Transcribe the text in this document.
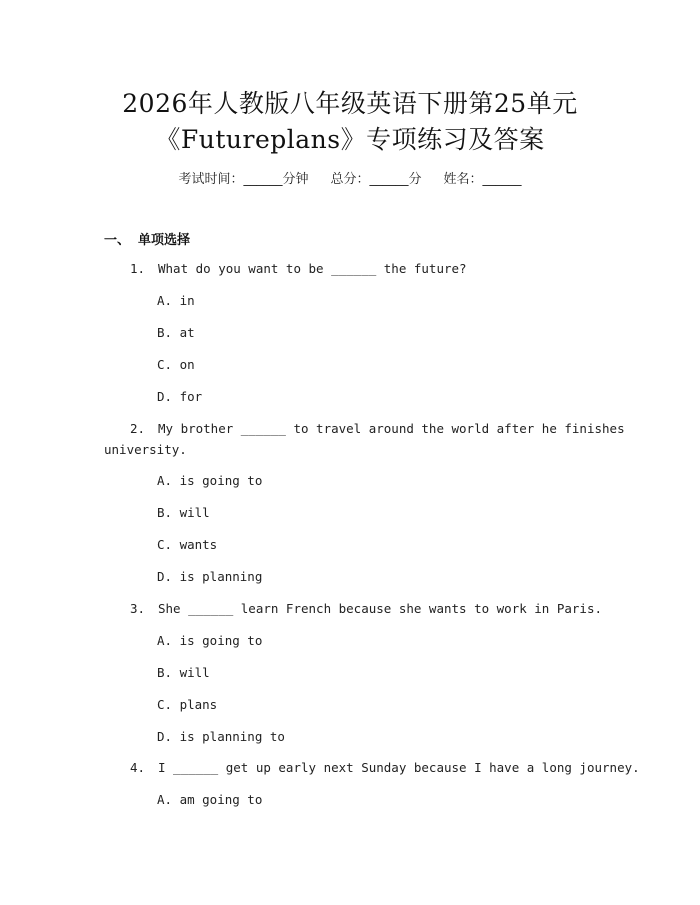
2026年人教版八年级英语下册第25单元
《Futureplans》专项练习及答案
考试时间：______分钟 总分：______分 姓名：______
一、 单项选择
1. What do you want to be ______ the future?
A. in
B. at
C. on
D. for
2. My brother ______ to travel around the world after he finishes
university.
A. is going to
B. will
C. wants
D. is planning
3. She ______ learn French because she wants to work in Paris.
A. is going to
B. will
C. plans
D. is planning to
4. I ______ get up early next Sunday because I have a long journey.
A. am going to
